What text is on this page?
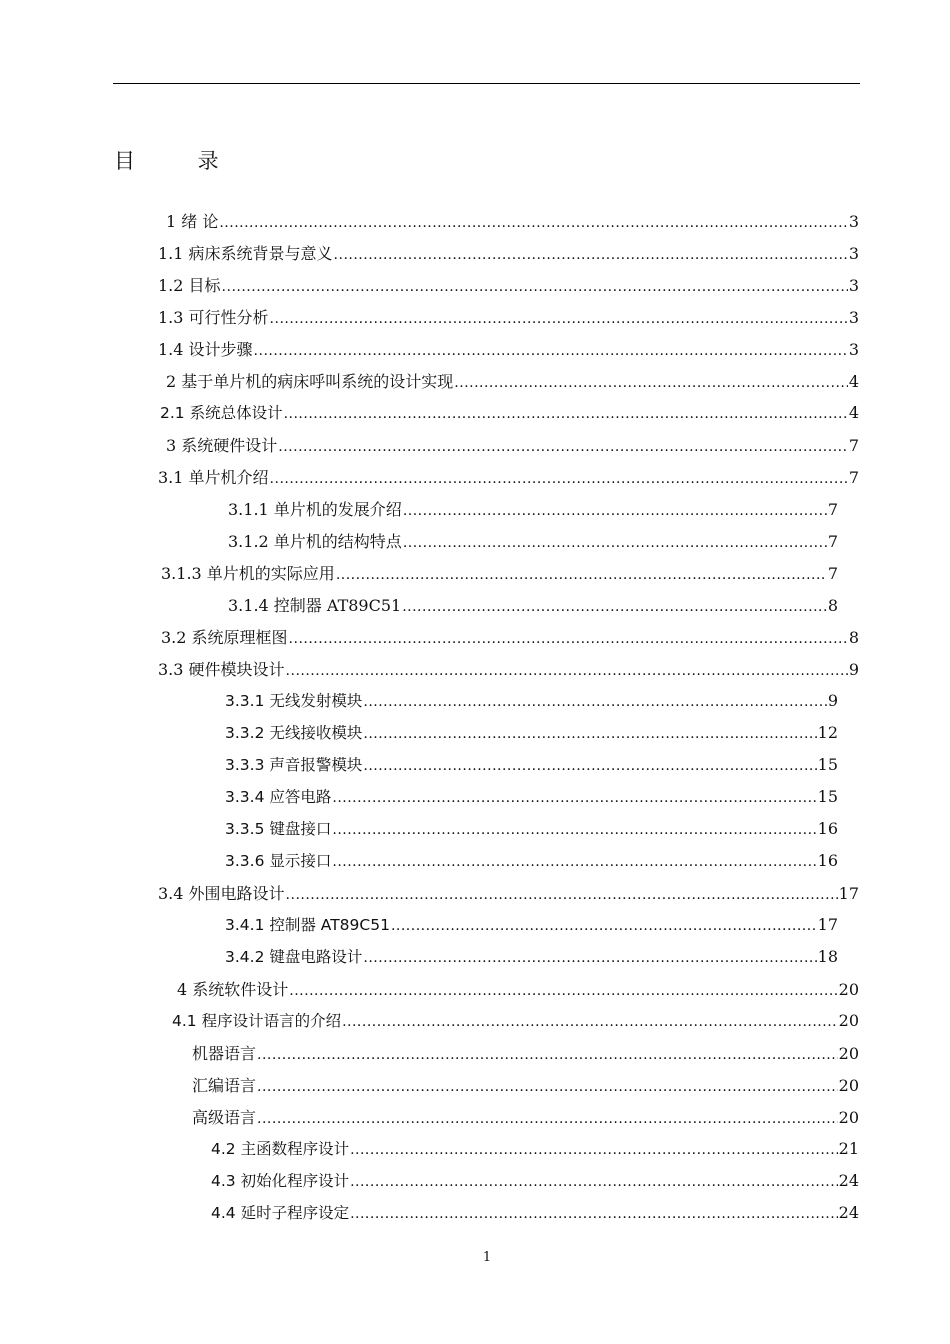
目 录
1 绪 论 .....	3
1.1 病床系统背景与意义 .....	3
1.2 目标 .....	3
1.3 可行性分析 .....	3
1.4 设计步骤 .....	3
2 基于单片机的病床呼叫系统的设计实现 .....	4
2.1 系统总体设计 .....	4
3 系统硬件设计 .....	7
3.1 单片机介绍 .....	7
3.1.1 单片机的发展介绍 .....	7
3.1.2 单片机的结构特点 .....	7
3.1.3 单片机的实际应用 .....	7
3.1.4 控制器 AT89C51 .....	8
3.2 系统原理框图 .....	8
3.3 硬件模块设计 .....	9
3.3.1 无线发射模块 .....	9
3.3.2 无线接收模块 .....	12
3.3.3 声音报警模块 .....	15
3.3.4 应答电路 .....	15
3.3.5 键盘接口 .....	16
3.3.6 显示接口 .....	16
3.4 外围电路设计 .....	17
3.4.1 控制器 AT89C51 .....	17
3.4.2 键盘电路设计 .....	18
4 系统软件设计 .....	20
4.1 程序设计语言的介绍 .....	20
机器语言 .....	20
汇编语言 .....	20
高级语言 .....	20
4.2 主函数程序设计 .....	21
4.3 初始化程序设计 .....	24
4.4 延时子程序设定 .....	24
1
